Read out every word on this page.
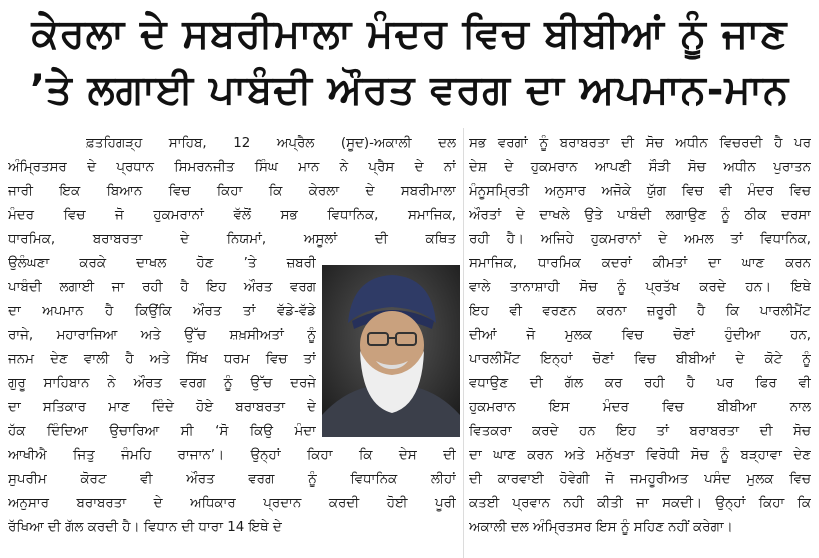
ਕੇਰਲਾ ਦੇ ਸਬਰੀਮਾਲਾ ਮੰਦਰ ਵਿਚ ਬੀਬੀਆਂ ਨੂੰ ਜਾਣ
’ਤੇ ਲਗਾਈ ਪਾਬੰਦੀ ਔਰਤ ਵਰਗ ਦਾ ਅਪਮਾਨ-ਮਾਨ
ਫ਼ਤਹਿਗੜ੍ਹ ਸਾਹਿਬ, 12 ਅਪ੍ਰੈਲ (ਸੂਦ)-ਅਕਾਲੀ ਦਲ
ਅੰਮ੍ਰਿਤਸਰ ਦੇ ਪ੍ਰਧਾਨ ਸਿਮਰਨਜੀਤ ਸਿੰਘ ਮਾਨ ਨੇ ਪ੍ਰੈਸ ਦੇ ਨਾਂ
ਜਾਰੀ ਇਕ ਬਿਆਨ ਵਿਚ ਕਿਹਾ ਕਿ ਕੇਰਲਾ ਦੇ ਸਬਰੀਮਾਲਾ
ਮੰਦਰ ਵਿਚ ਜੋ ਹੁਕਮਰਾਨਾਂ ਵੱਲੋਂ ਸਭ ਵਿਧਾਨਿਕ, ਸਮਾਜਿਕ,
ਧਾਰਮਿਕ, ਬਰਾਬਰਤਾ ਦੇ ਨਿਯਮਾਂ, ਅਸੂਲਾਂ ਦੀ ਕਥਿਤ
ਉਲੰਘਣਾ ਕਰਕੇ ਦਾਖਲ ਹੋਣ ’ਤੇ ਜ਼ਬਰੀ
ਪਾਬੰਦੀ ਲਗਾਈ ਜਾ ਰਹੀ ਹੈ ਇਹ ਔਰਤ ਵਰਗ
ਦਾ ਅਪਮਾਨ ਹੈ ਕਿਉਂਕਿ ਔਰਤ ਤਾਂ ਵੱਡੇ-ਵੱਡੇ
ਰਾਜੇ, ਮਹਾਰਾਜਿਆ ਅਤੇ ਉੱਚ ਸ਼ਖ਼ਸੀਅਤਾਂ ਨੂੰ
ਜਨਮ ਦੇਣ ਵਾਲੀ ਹੈ ਅਤੇ ਸਿੱਖ ਧਰਮ ਵਿਚ ਤਾਂ
ਗੁਰੂ ਸਾਹਿਬਾਨ ਨੇ ਔਰਤ ਵਰਗ ਨੂੰ ਉੱਚ ਦਰਜੇ
ਦਾ ਸਤਿਕਾਰ ਮਾਣ ਦਿੰਦੇ ਹੋਏ ਬਰਾਬਰਤਾ ਦੇ
ਹੱਕ ਦਿੰਦਿਆ ਉਚਾਰਿਆ ਸੀ ‘ਸੋ ਕਿਉ ਮੰਦਾ
ਆਖੀਐ ਜਿਤੁ ਜੰਮਹਿ ਰਾਜਾਨ’। ਉਨ੍ਹਾਂ ਕਿਹਾ ਕਿ ਦੇਸ ਦੀ
ਸੁਪਰੀਮ ਕੋਰਟ ਵੀ ਔਰਤ ਵਰਗ ਨੂੰ ਵਿਧਾਨਿਕ ਲੀਹਾਂ
ਅਨੁਸਾਰ ਬਰਾਬਰਤਾ ਦੇ ਅਧਿਕਾਰ ਪ੍ਰਦਾਨ ਕਰਦੀ ਹੋਈ ਪੂਰੀ
ਰੱਖਿਆ ਦੀ ਗੱਲ ਕਰਦੀ ਹੈ। ਵਿਧਾਨ ਦੀ ਧਾਰਾ 14 ਇਥੇ ਦੇ
ਸਭ ਵਰਗਾਂ ਨੂੰ ਬਰਾਬਰਤਾ ਦੀ ਸੋਚ ਅਧੀਨ ਵਿਚਰਦੀ ਹੈ ਪਰ
ਦੇਸ਼ ਦੇ ਹੁਕਮਰਾਨ ਆਪਣੀ ਸੌੜੀ ਸੋਚ ਅਧੀਨ ਪੁਰਾਤਨ
ਮੰਨੂਸਮ੍ਰਿਤੀ ਅਨੁਸਾਰ ਅਜੋਕੇ ਯੁੱਗ ਵਿਚ ਵੀ ਮੰਦਰ ਵਿਚ
ਔਰਤਾਂ ਦੇ ਦਾਖਲੇ ਉਤੇ ਪਾਬੰਦੀ ਲਗਾਉਣ ਨੂੰ ਠੀਕ ਦਰਸਾ
ਰਹੀ ਹੈ। ਅਜਿਹੇ ਹੁਕਮਰਾਨਾਂ ਦੇ ਅਮਲ ਤਾਂ ਵਿਧਾਨਿਕ,
ਸਮਾਜਿਕ, ਧਾਰਮਿਕ ਕਦਰਾਂ ਕੀਮਤਾਂ ਦਾ ਘਾਣ ਕਰਨ
ਵਾਲੇ ਤਾਨਾਸ਼ਾਹੀ ਸੋਚ ਨੂੰ ਪ੍ਰਤੱਖ ਕਰਦੇ ਹਨ। ਇਥੇ
ਇਹ ਵੀ ਵਰਣਨ ਕਰਨਾ ਜ਼ਰੂਰੀ ਹੈ ਕਿ ਪਾਰਲੀਮੈਂਟ
ਦੀਆਂ ਜੋ ਮੁਲਕ ਵਿਚ ਚੋਣਾਂ ਹੁੰਦੀਆ ਹਨ,
ਪਾਰਲੀਮੈਂਟ ਇਨ੍ਹਾਂ ਚੋਣਾਂ ਵਿਚ ਬੀਬੀਆਂ ਦੇ ਕੋਟੇ ਨੂੰ
ਵਧਾਉਣ ਦੀ ਗੱਲ ਕਰ ਰਹੀ ਹੈ ਪਰ ਫਿਰ ਵੀ
ਹੁਕਮਰਾਨ ਇਸ ਮੰਦਰ ਵਿਚ ਬੀਬੀਆ ਨਾਲ
ਵਿਤਕਰਾ ਕਰਦੇ ਹਨ ਇਹ ਤਾਂ ਬਰਾਬਰਤਾ ਦੀ ਸੋਚ
ਦਾ ਘਾਣ ਕਰਨ ਅਤੇ ਮਨੁੱਖਤਾ ਵਿਰੋਧੀ ਸੋਚ ਨੂੰ ਬੜ੍ਹਾਵਾ ਦੇਣ
ਦੀ ਕਾਰਵਾਈ ਹੋਵੇਗੀ ਜੋ ਜਮਹੂਰੀਅਤ ਪਸੰਦ ਮੁਲਕ ਵਿਚ
ਕਤਈ ਪ੍ਰਵਾਨ ਨਹੀ ਕੀਤੀ ਜਾ ਸਕਦੀ। ਉਨ੍ਹਾਂ ਕਿਹਾ ਕਿ
ਅਕਾਲੀ ਦਲ ਅੰਮ੍ਰਿਤਸਰ ਇਸ ਨੂੰ ਸਹਿਣ ਨਹੀਂ ਕਰੇਗਾ।
